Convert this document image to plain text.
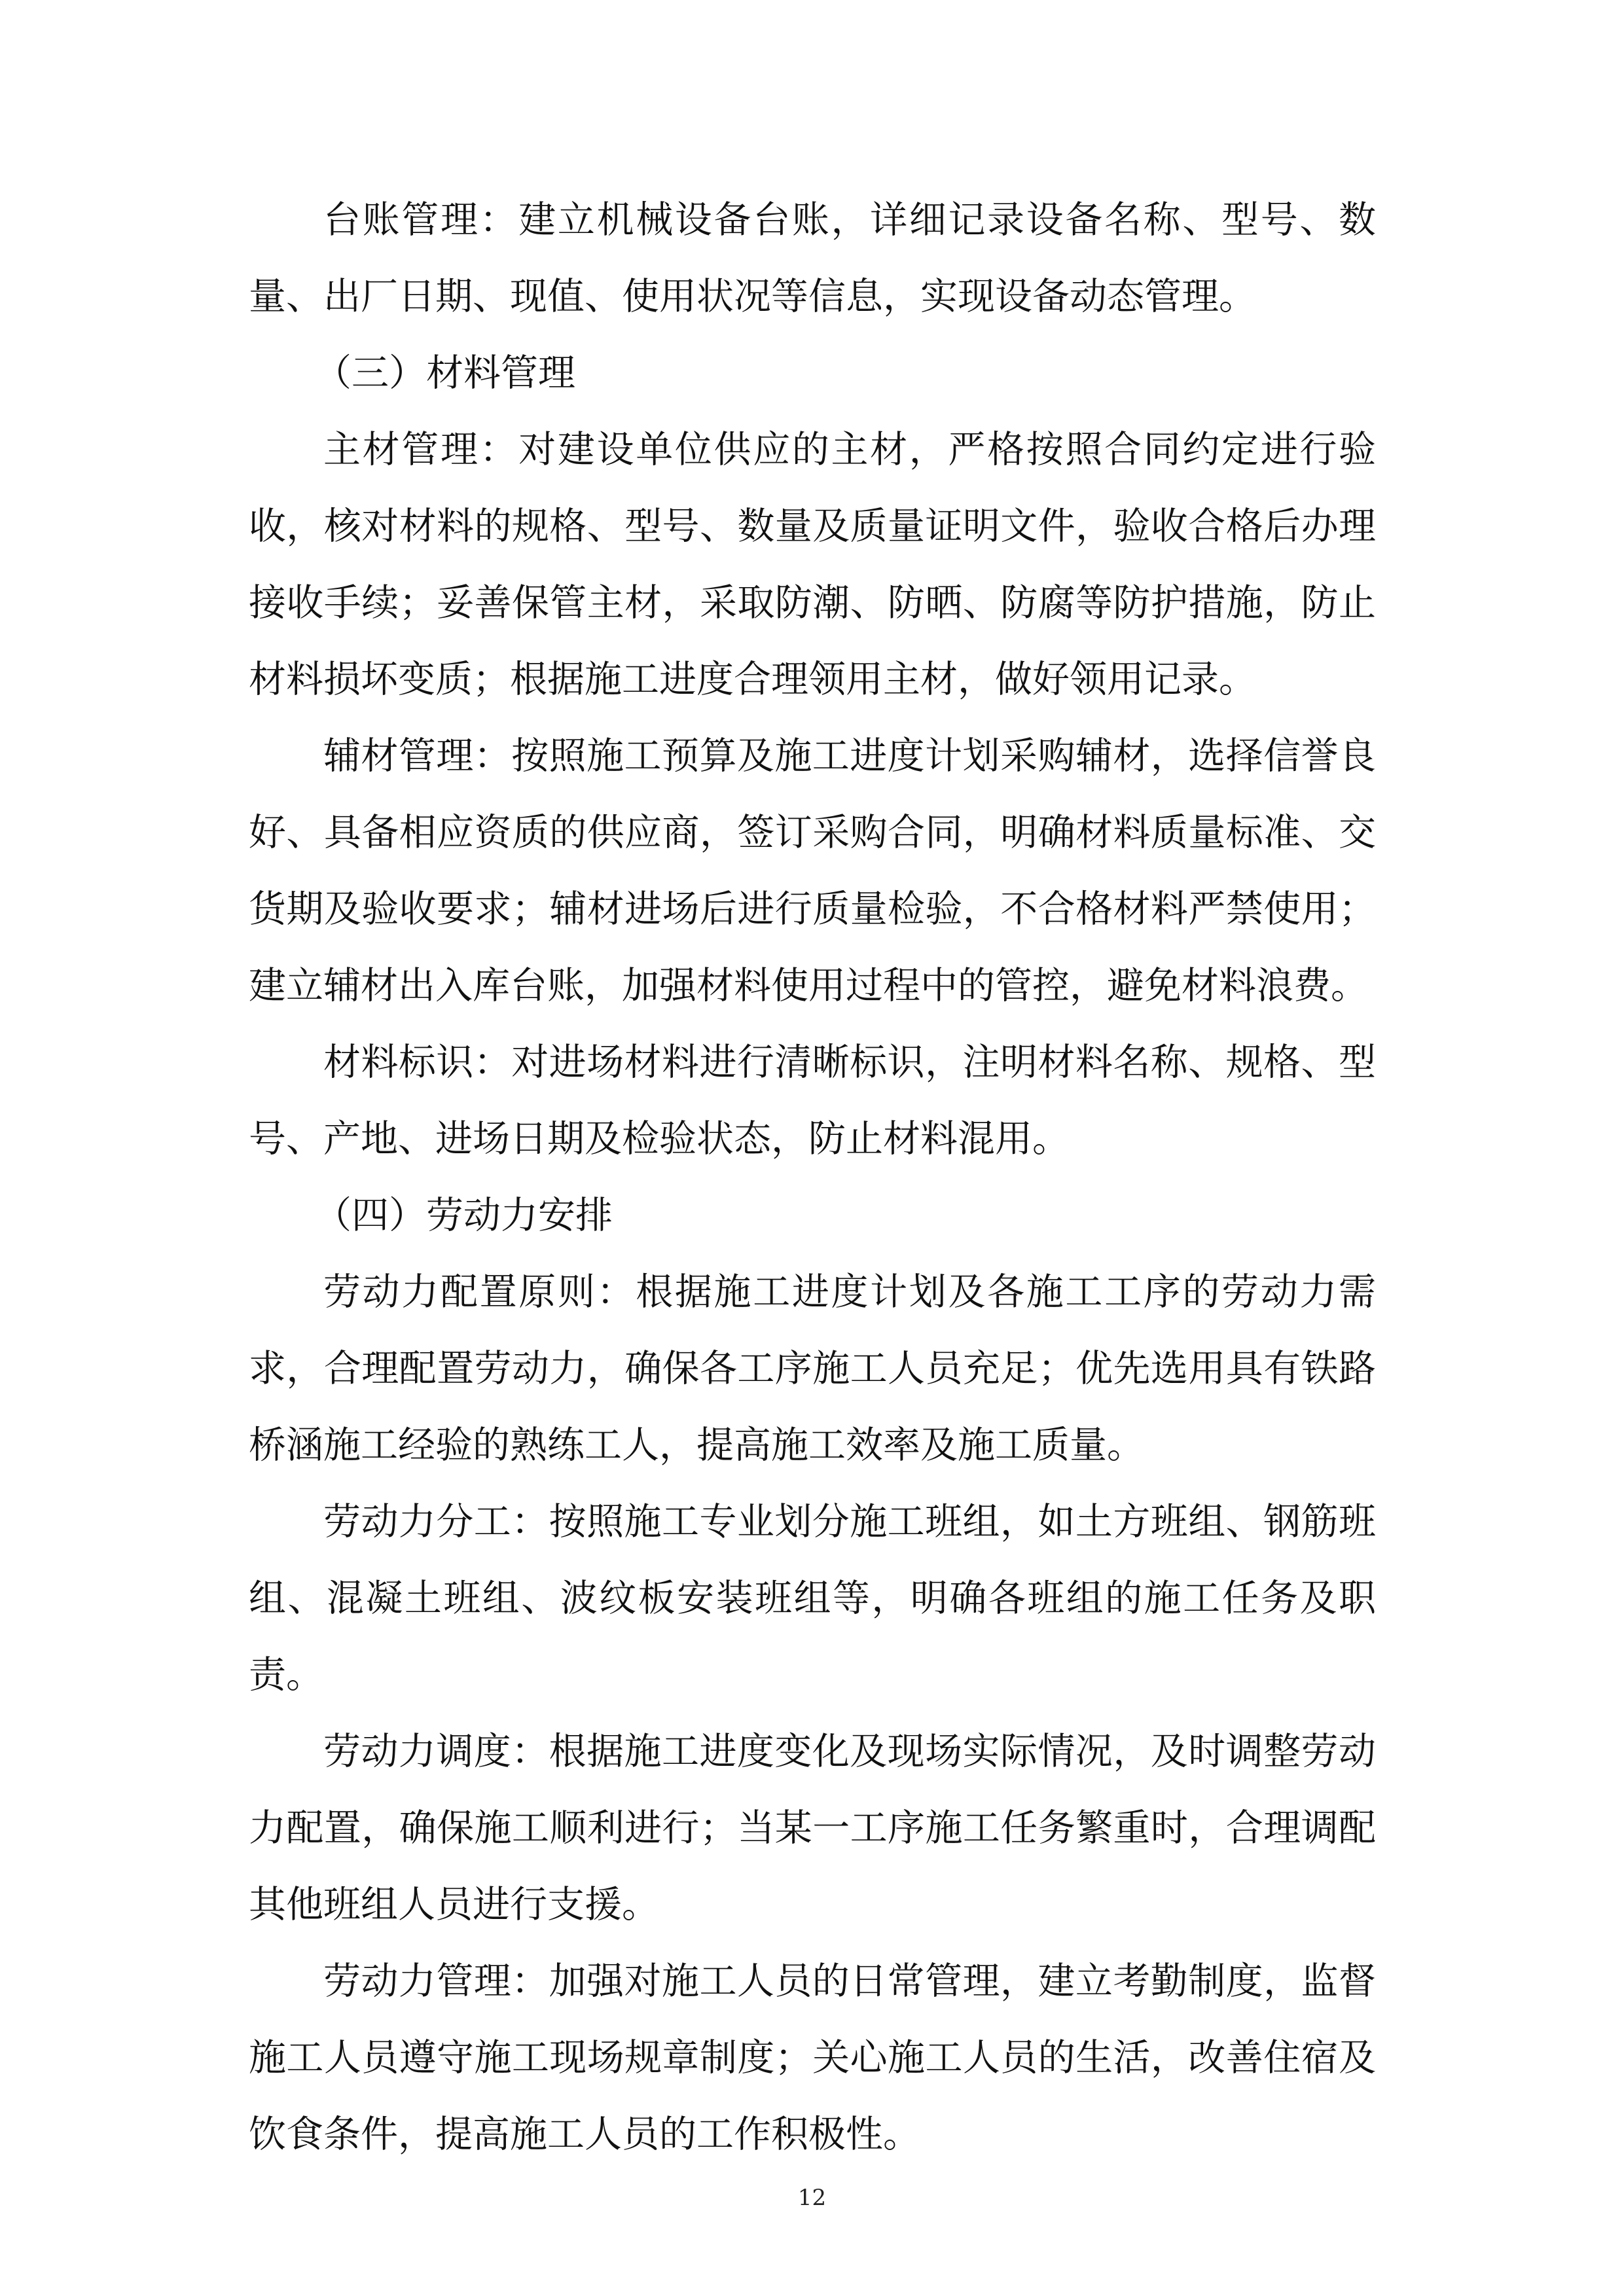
台账管理：建立机械设备台账，详细记录设备名称、型号、数量、出厂日期、现值、使用状况等信息，实现设备动态管理。

（三）材料管理

主材管理：对建设单位供应的主材，严格按照合同约定进行验收，核对材料的规格、型号、数量及质量证明文件，验收合格后办理接收手续；妥善保管主材，采取防潮、防晒、防腐等防护措施，防止材料损坏变质；根据施工进度合理领用主材，做好领用记录。

辅材管理：按照施工预算及施工进度计划采购辅材，选择信誉良好、具备相应资质的供应商，签订采购合同，明确材料质量标准、交货期及验收要求；辅材进场后进行质量检验，不合格材料严禁使用；建立辅材出入库台账，加强材料使用过程中的管控，避免材料浪费。

材料标识：对进场材料进行清晰标识，注明材料名称、规格、型号、产地、进场日期及检验状态，防止材料混用。

（四）劳动力安排

劳动力配置原则：根据施工进度计划及各施工工序的劳动力需求，合理配置劳动力，确保各工序施工人员充足；优先选用具有铁路桥涵施工经验的熟练工人，提高施工效率及施工质量。

劳动力分工：按照施工专业划分施工班组，如土方班组、钢筋班组、混凝土班组、波纹板安装班组等，明确各班组的施工任务及职责。

劳动力调度：根据施工进度变化及现场实际情况，及时调整劳动力配置，确保施工顺利进行；当某一工序施工任务繁重时，合理调配其他班组人员进行支援。

劳动力管理：加强对施工人员的日常管理，建立考勤制度，监督施工人员遵守施工现场规章制度；关心施工人员的生活，改善住宿及饮食条件，提高施工人员的工作积极性。

12
